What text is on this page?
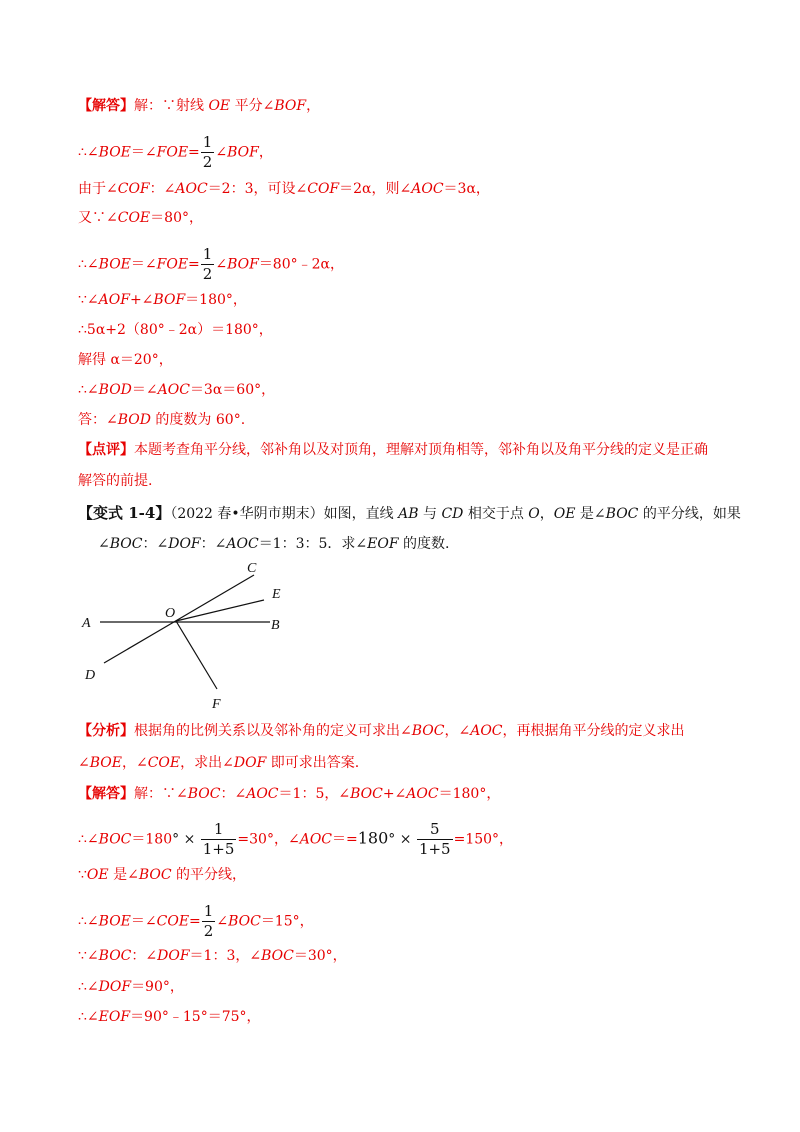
【解答】解：∵射线 OE 平分∠BOF，
∴∠BOE＝∠FOE= $\frac{1}{2}$ ∠BOF，
由于∠COF：∠AOC＝2：3，可设∠COF＝2α，则∠AOC＝3α，
又∵∠COE＝80°，
∴∠BOE＝∠FOE= $\frac{1}{2}$ ∠BOF＝80°﹣2α，
∵∠AOF+∠BOF＝180°，
∴5α+2（80°﹣2α）＝180°，
解得 α＝20°，
∴∠BOD＝∠AOC＝3α＝60°，
答：∠BOD 的度数为 60°.
【点评】本题考查角平分线，邻补角以及对顶角，理解对顶角相等，邻补角以及角平分线的定义是正确
解答的前提.
【变式 1-4】（2022 春•华阴市期末）如图，直线 AB 与 CD 相交于点 O，OE 是∠BOC 的平分线，如果
∠BOC：∠DOF：∠AOC＝1：3：5．求∠EOF 的度数.
A	B
C
D
E
F
O
【分析】根据角的比例关系以及邻补角的定义可求出∠BOC，∠AOC，再根据角平分线的定义求出
∠BOE，∠COE，求出∠DOF 即可求出答案.
【解答】解：∵∠BOC：∠AOC＝1：5，∠BOC+∠AOC＝180°，
∴∠BOC＝180° × $\frac{1}{1+5} =30^\circ$，∠AOC＝=180° × $\frac{5}{1+5} =150^\circ$，
∵OE 是∠BOC 的平分线，
∴∠BOE＝∠COE= $\frac{1}{2}$ ∠BOC＝15°，
∵∠BOC：∠DOF＝1：3，∠BOC＝30°，
∴∠DOF＝90°，
∴∠EOF＝90°﹣15°＝75°，
